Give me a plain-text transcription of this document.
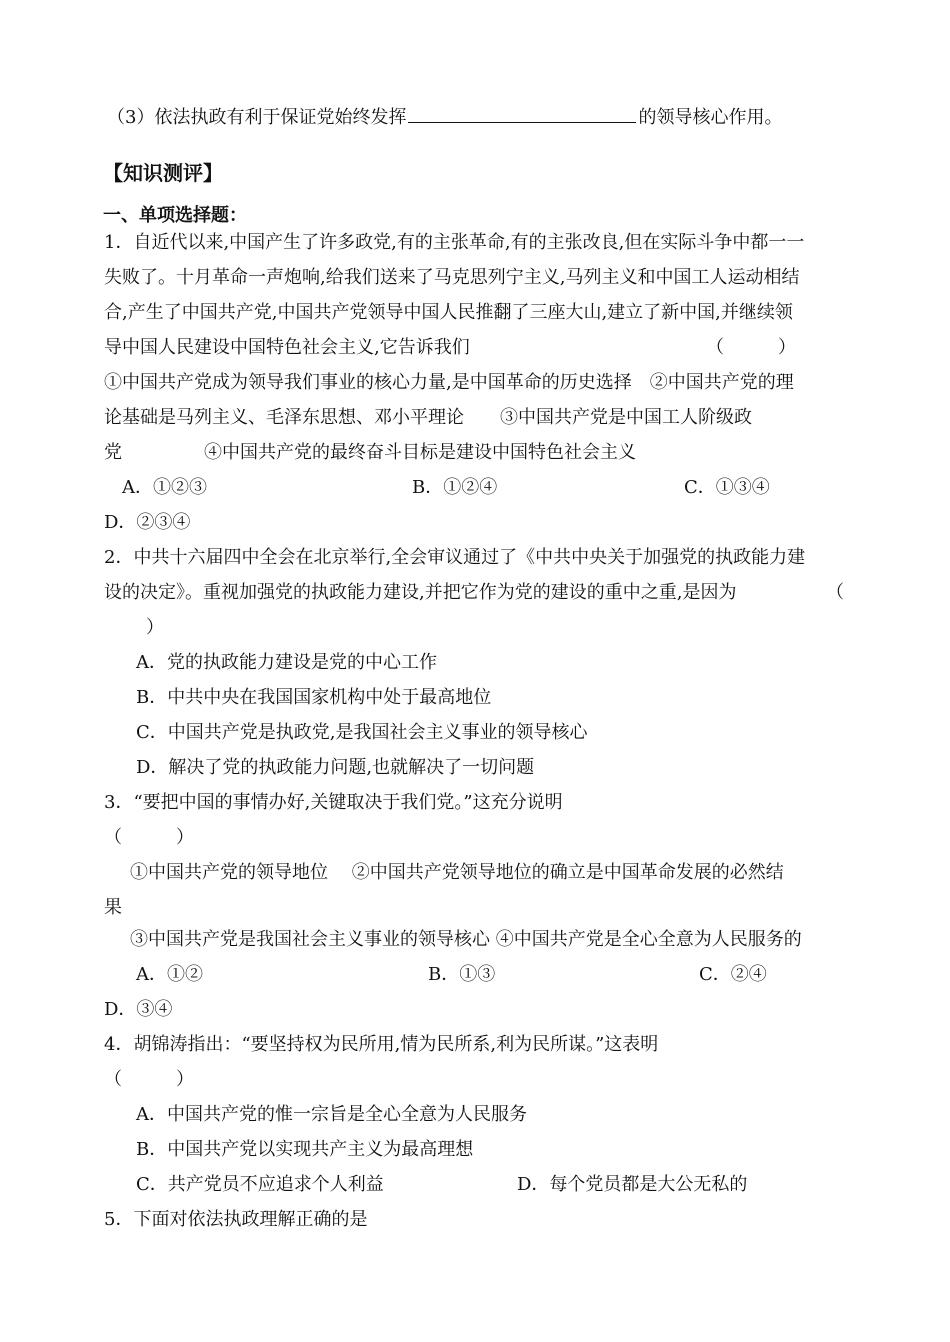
（3）依法执政有利于保证党始终发挥	的领导核心作用。
【知识测评】
一、单项选择题：
1．自近代以来,中国产生了许多政党,有的主张革命,有的主张改良,但在实际斗争中都一一
失败了。十月革命一声炮响,给我们送来了马克思列宁主义,马列主义和中国工人运动相结
合,产生了中国共产党,中国共产党领导中国人民推翻了三座大山,建立了新中国,并继续领
导中国人民建设中国特色社会主义,它告诉我们	（　　　）
①中国共产党成为领导我们事业的核心力量,是中国革命的历史选择　②中国共产党的理
论基础是马列主义、毛泽东思想、邓小平理论　　③中国共产党是中国工人阶级政
党	④中国共产党的最终奋斗目标是建设中国特色社会主义
A．①②③	B．①②④	C．①③④
D．②③④
2．中共十六届四中全会在北京举行,全会审议通过了《中共中央关于加强党的执政能力建
设的决定》。重视加强党的执政能力建设,并把它作为党的建设的重中之重,是因为	（
）
A．党的执政能力建设是党的中心工作
B．中共中央在我国国家机构中处于最高地位
C．中国共产党是执政党,是我国社会主义事业的领导核心
D．解决了党的执政能力问题,也就解决了一切问题
3．“要把中国的事情办好,关键取决于我们党。”这充分说明
（　　　）
①中国共产党的领导地位　 ②中国共产党领导地位的确立是中国革命发展的必然结
果
③中国共产党是我国社会主义事业的领导核心 ④中国共产党是全心全意为人民服务的
A．①②	B．①③	C．②④
D．③④
4．胡锦涛指出：“要坚持权为民所用,情为民所系,利为民所谋。”这表明
（　　　）
A．中国共产党的惟一宗旨是全心全意为人民服务
B．中国共产党以实现共产主义为最高理想
C．共产党员不应追求个人利益	D．每个党员都是大公无私的
5．下面对依法执政理解正确的是
